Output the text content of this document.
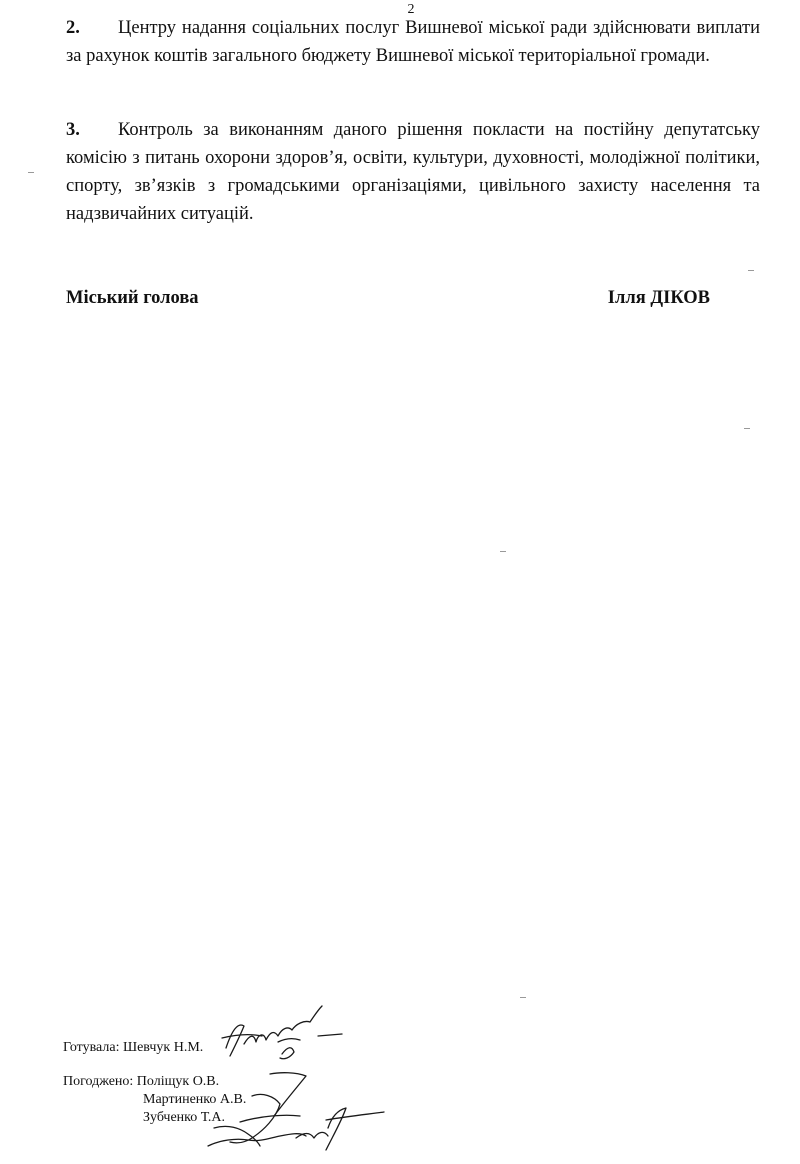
2
2. Центру надання соціальних послуг Вишневої міської ради здійснювати виплати за рахунок коштів загального бюджету Вишневої міської територіальної громади.
3. Контроль за виконанням даного рішення покласти на постійну депутатську комісію з питань охорони здоров’я, освіти, культури, духовності, молодіжної політики, спорту, зв’язків з громадськими організаціями, цивільного захисту населення та надзвичайних ситуацій.
Міський голова	Ілля ДІКОВ
Готувала: Шевчук Н.М.
Погоджено: Поліщук О.В.
Мартиненко А.В.
Зубченко Т.А.
